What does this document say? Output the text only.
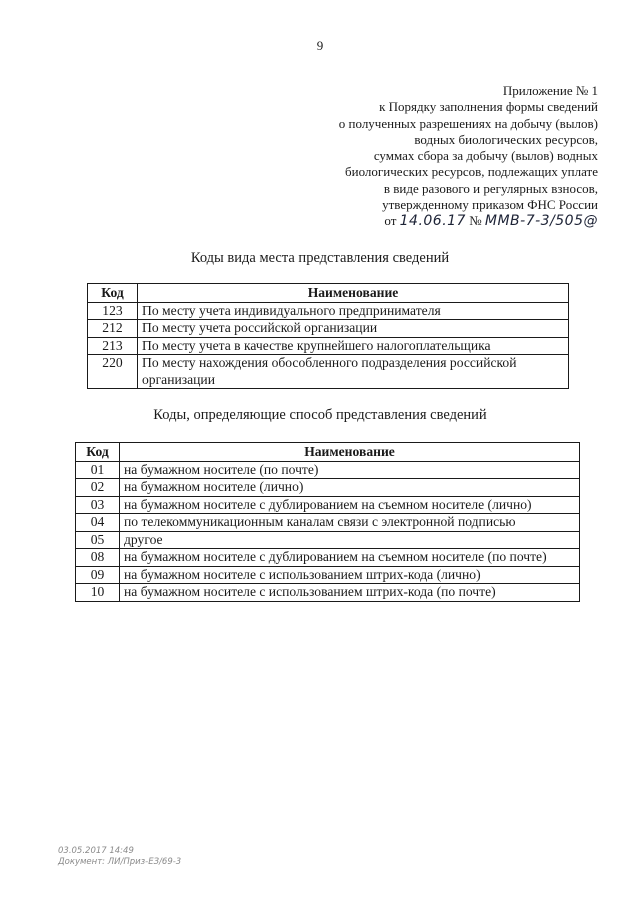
9
Приложение № 1
к Порядку заполнения формы сведений
о полученных разрешениях на добычу (вылов)
водных биологических ресурсов,
суммах сбора за добычу (вылов) водных
биологических ресурсов, подлежащих уплате
в виде разового и регулярных взносов,
утвержденному приказом ФНС России
от 14.06.17 № ММВ-7-3/505@
Коды вида места представления сведений
Код	Наименование
123	По месту учета индивидуального предпринимателя
212	По месту учета российской организации
213	По месту учета в качестве крупнейшего налогоплательщика
220	По месту нахождения обособленного подразделения российской организации
Коды, определяющие способ представления сведений
Код	Наименование
01	на бумажном носителе (по почте)
02	на бумажном носителе (лично)
03	на бумажном носителе с дублированием на съемном носителе (лично)
04	по телекоммуникационным каналам связи с электронной подписью
05	другое
08	на бумажном носителе с дублированием на съемном носителе (по почте)
09	на бумажном носителе с использованием штрих-кода (лично)
10	на бумажном носителе с использованием штрих-кода (по почте)
03.05.2017 14:49
Документ: ЛИ/Приз-ЕЗ/69-3
